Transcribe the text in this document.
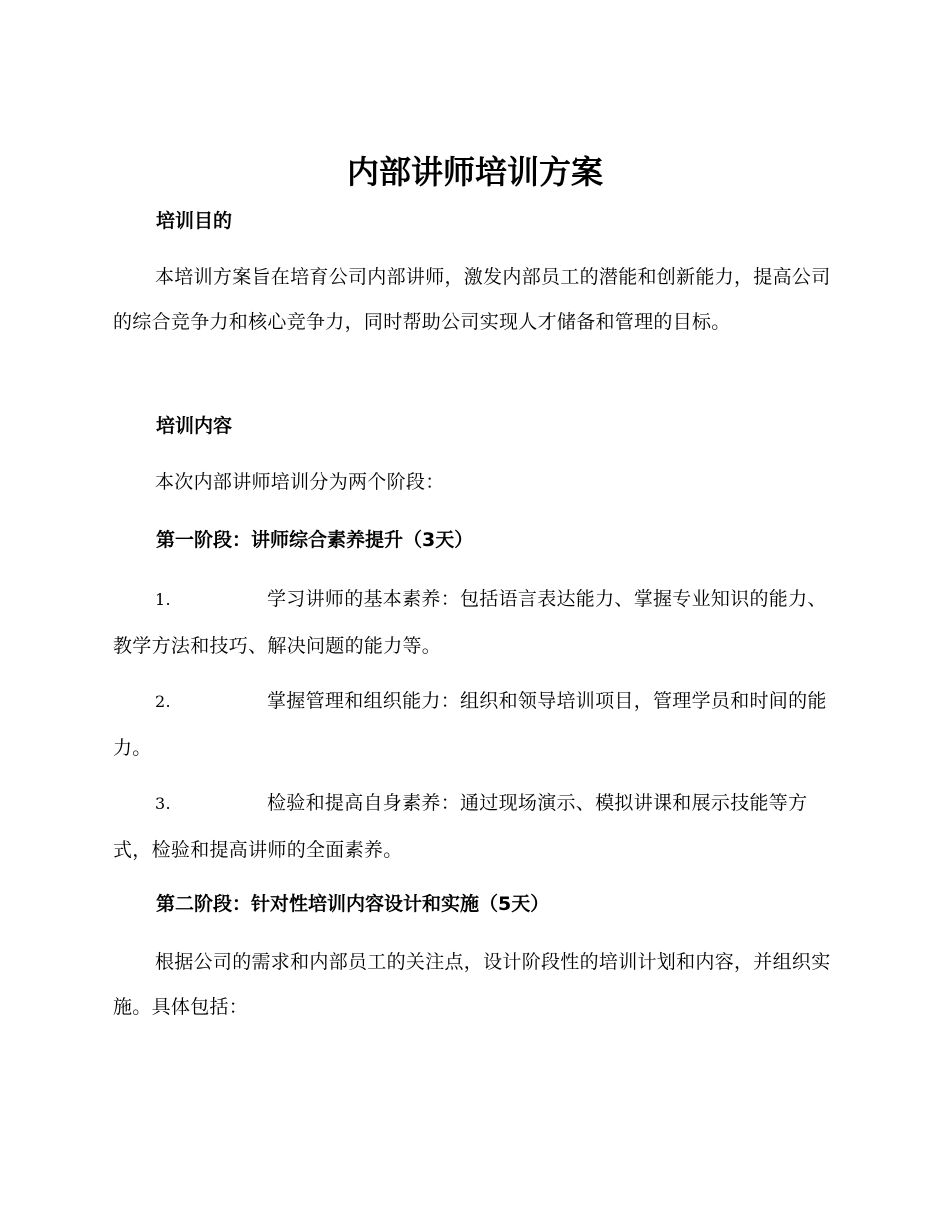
内部讲师培训方案
培训目的

本培训方案旨在培育公司内部讲师，激发内部员工的潜能和创新能力，提高公司的综合竞争力和核心竞争力，同时帮助公司实现人才储备和管理的目标。

培训内容

本次内部讲师培训分为两个阶段：

第一阶段：讲师综合素养提升（3天）

1.	学习讲师的基本素养：包括语言表达能力、掌握专业知识的能力、教学方法和技巧、解决问题的能力等。

2.	掌握管理和组织能力：组织和领导培训项目，管理学员和时间的能力。

3.	检验和提高自身素养：通过现场演示、模拟讲课和展示技能等方式，检验和提高讲师的全面素养。

第二阶段：针对性培训内容设计和实施（5天）

根据公司的需求和内部员工的关注点，设计阶段性的培训计划和内容，并组织实施。具体包括：
